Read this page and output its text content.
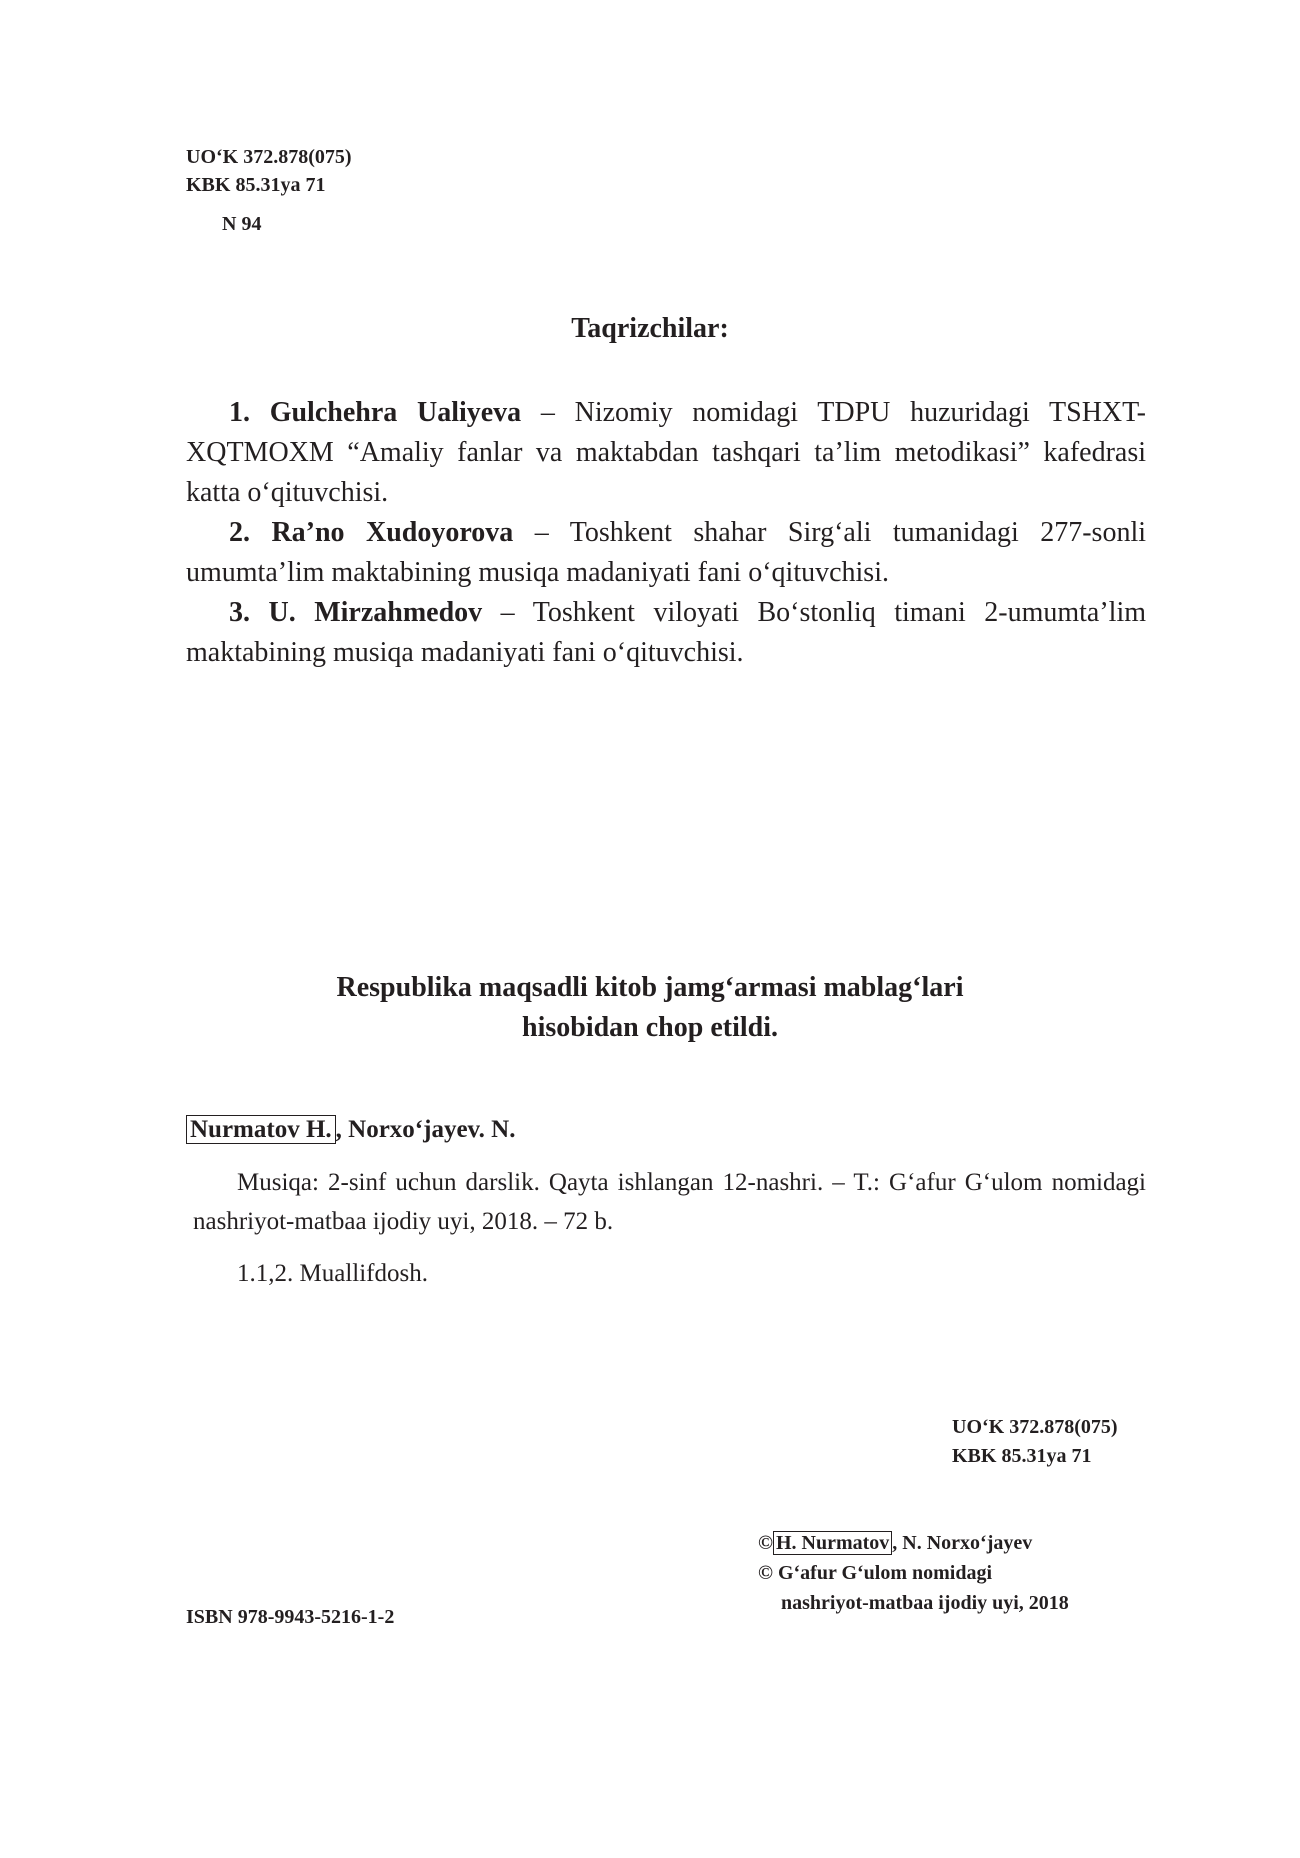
UO‘K 372.878(075)
KBK 85.31ya 71
N 94
Taqrizchilar:

1. Gulchehra Ualiyeva – Nizomiy nomidagi TDPU huzuridagi TSHXT-XQTMOXM “Amaliy fanlar va maktabdan tashqari ta’lim metodikasi” kafedrasi katta o‘qituvchisi.

2. Ra’no Xudoyorova – Toshkent shahar Sirg‘ali tumanidagi 277-sonli umumta’lim maktabining musiqa madaniyati fani o‘qituvchisi.

3. U. Mirzahmedov – Toshkent viloyati Bo‘stonliq timani 2-umumta’lim maktabining musiqa madaniyati fani o‘qituvchisi.

Respublika maqsadli kitob jamg‘armasi mablag‘lari
hisobidan chop etildi.
Nurmatov H. , Norxo‘jayev. N.

Musiqa: 2-sinf uchun darslik. Qayta ishlangan 12-nashri. – T.: G‘afur G‘ulom nomidagi nashriyot-matbaa ijodiy uyi, 2018. – 72 b.

1.1,2. Muallifdosh.
UO‘K 372.878(075)
KBK 85.31ya 71
© H. Nurmatov , N. Norxo‘jayev
© G‘afur G‘ulom nomidagi
nashriyot-matbaa ijodiy uyi, 2018
ISBN 978-9943-5216-1-2
